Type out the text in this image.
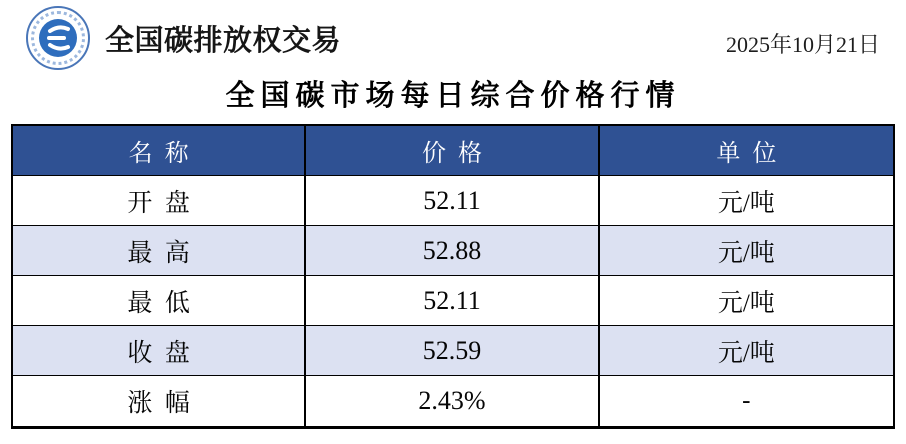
全国碳排放权交易	2025年10月21日
全国碳市场每日综合价格行情
名  称	价  格	单  位
开  盘	52.11	元/吨
最  高	52.88	元/吨
最  低	52.11	元/吨
收  盘	52.59	元/吨
涨  幅	2.43%	-
